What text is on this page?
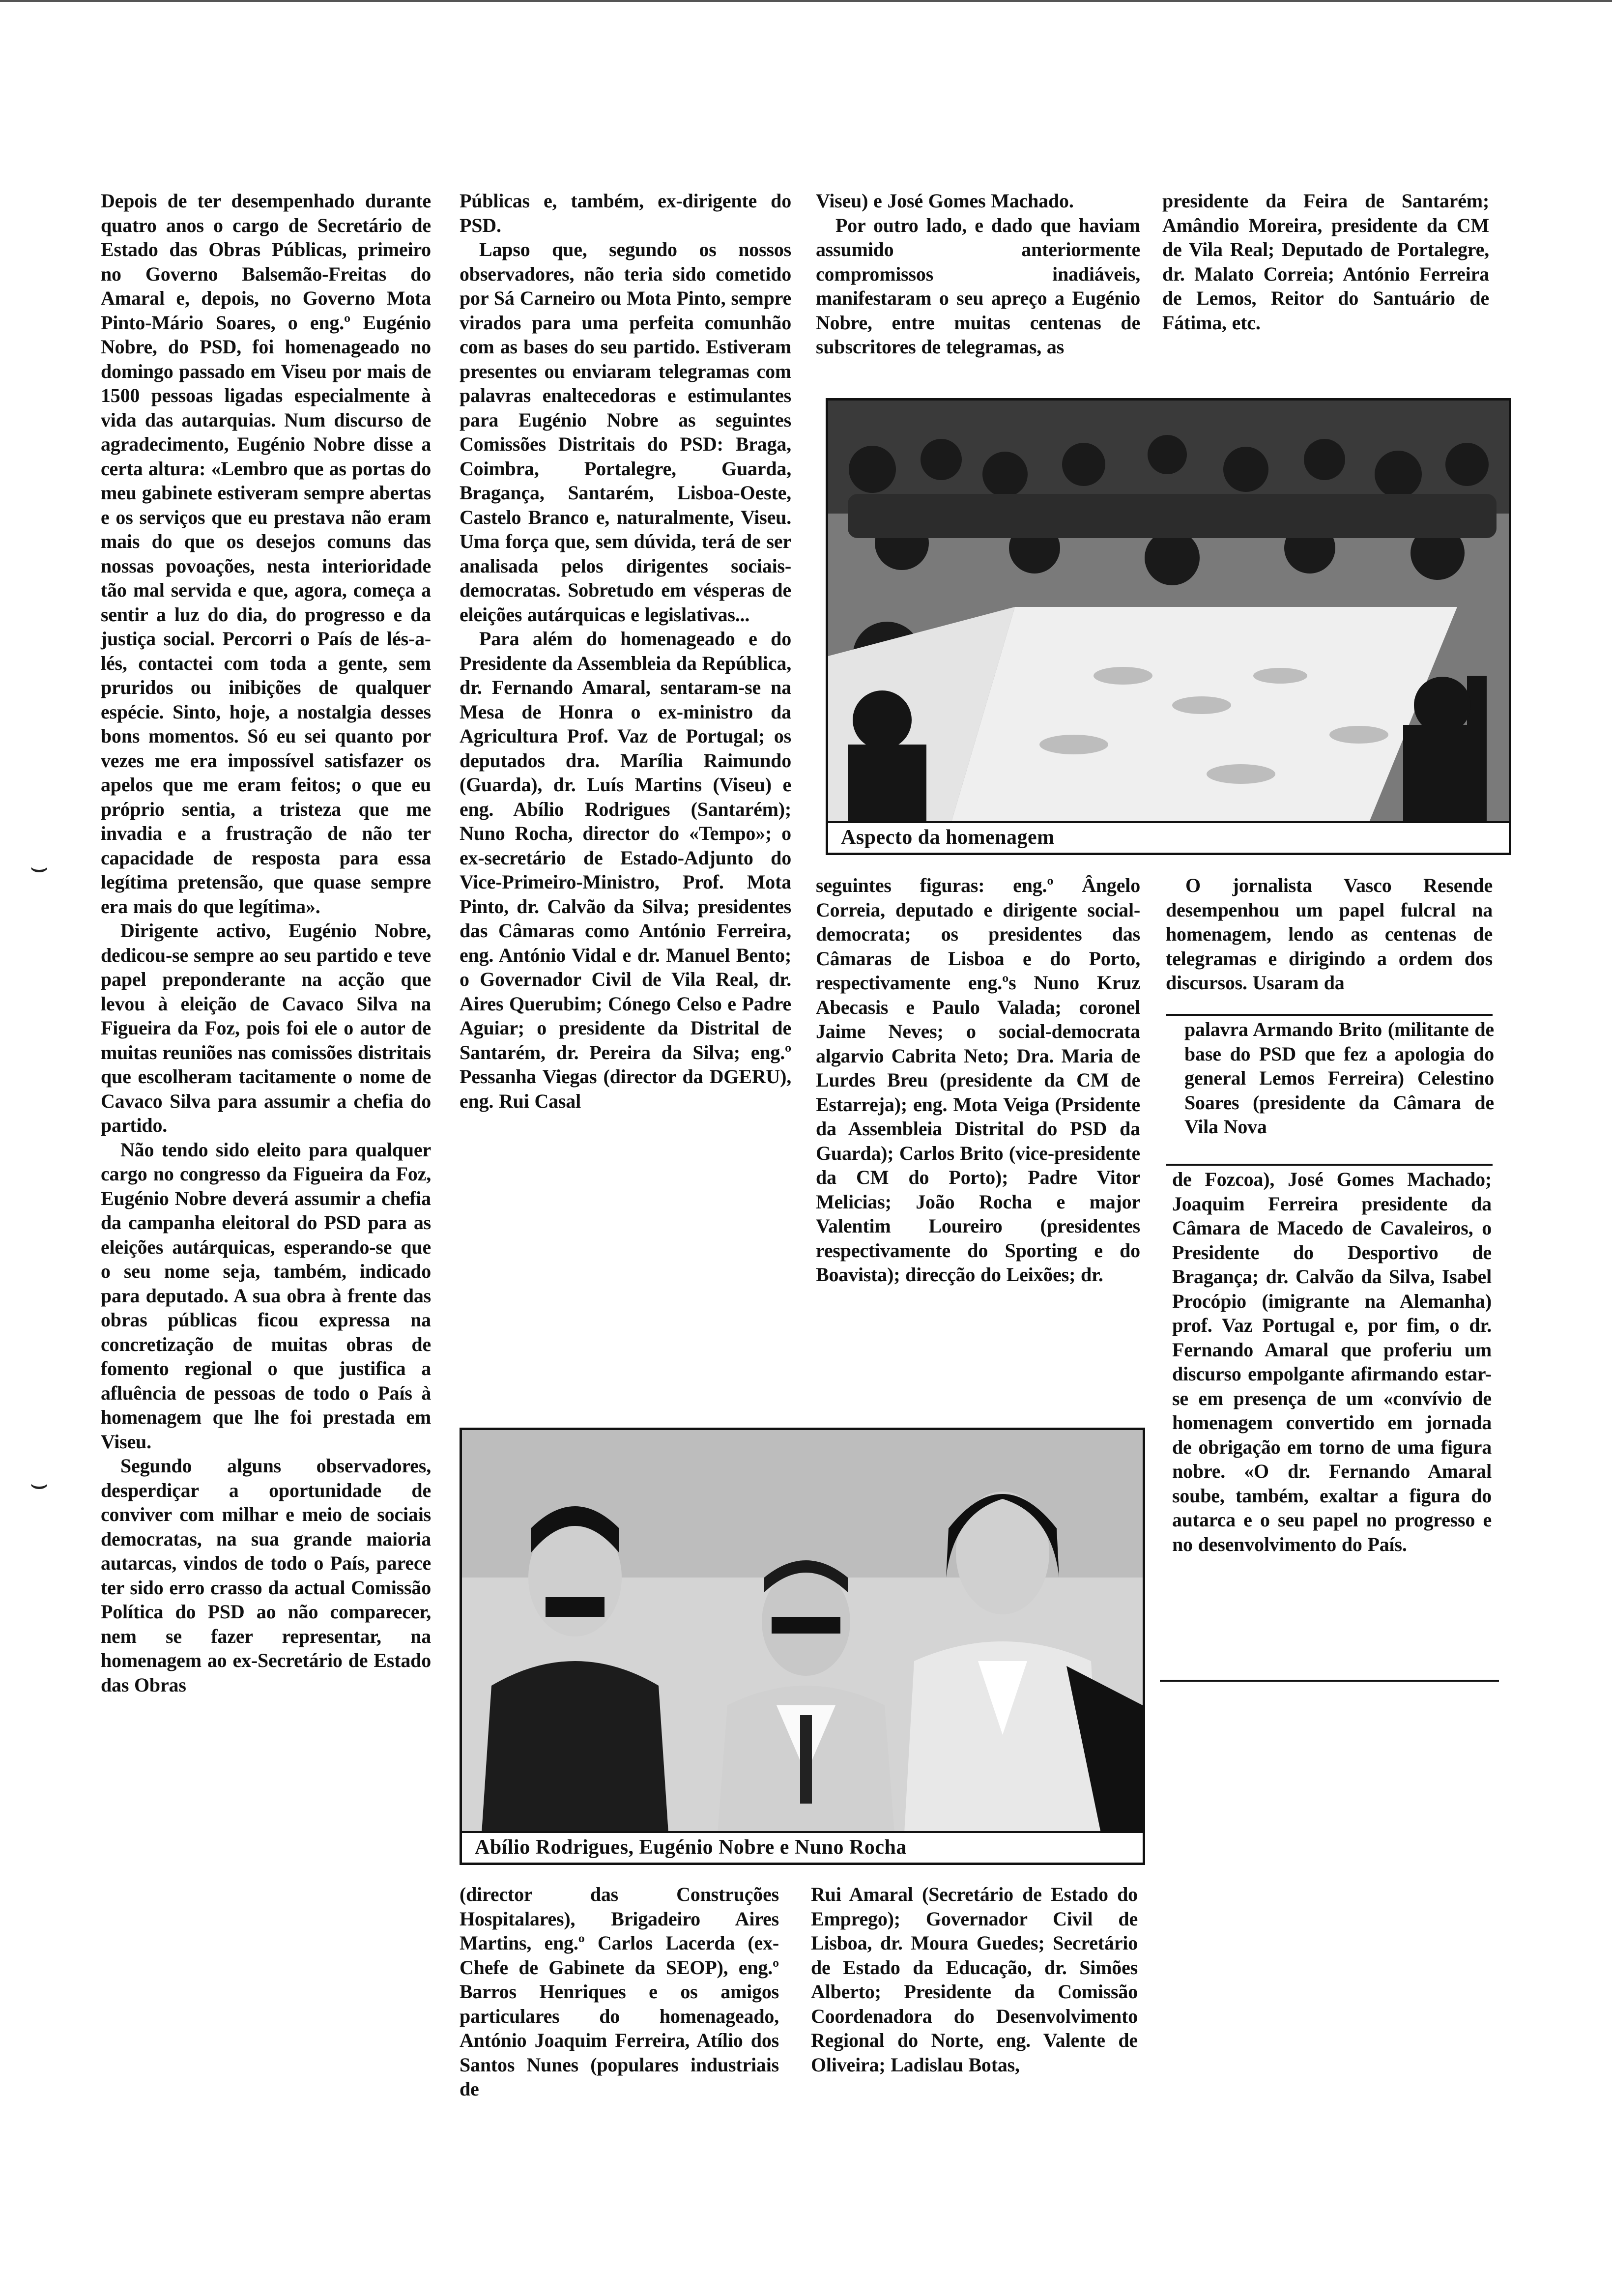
Depois de ter desempenhado durante quatro anos o cargo de Secretário de Estado das Obras Públicas, primeiro no Governo Balsemão-Freitas do Amaral e, depois, no Governo Mota Pinto-Mário Soares, o eng.º Eugénio Nobre, do PSD, foi homenageado no domingo passado em Viseu por mais de 1500 pessoas ligadas especialmente à vida das autarquias. Num discurso de agradecimento, Eugénio Nobre disse a certa altura: «Lembro que as portas do meu gabinete estiveram sempre abertas e os serviços que eu prestava não eram mais do que os desejos comuns das nossas povoações, nesta interioridade tão mal servida e que, agora, começa a sentir a luz do dia, do progresso e da justiça social. Percorri o País de lés-a-lés, contactei com toda a gente, sem pruridos ou inibições de qualquer espécie. Sinto, hoje, a nostalgia desses bons momentos. Só eu sei quanto por vezes me era impossível satisfazer os apelos que me eram feitos; o que eu próprio sentia, a tristeza que me invadia e a frustração de não ter capacidade de resposta para essa legítima pretensão, que quase sempre era mais do que legítima».

Dirigente activo, Eugénio Nobre, dedicou-se sempre ao seu partido e teve papel preponderante na acção que levou à eleição de Cavaco Silva na Figueira da Foz, pois foi ele o autor de muitas reuniões nas comissões distritais que escolheram tacitamente o nome de Cavaco Silva para assumir a chefia do partido.

Não tendo sido eleito para qualquer cargo no congresso da Figueira da Foz, Eugénio Nobre deverá assumir a chefia da campanha eleitoral do PSD para as eleições autárquicas, esperando-se que o seu nome seja, também, indicado para deputado. A sua obra à frente das obras públicas ficou expressa na concretização de muitas obras de fomento regional o que justifica a afluência de pessoas de todo o País à homenagem que lhe foi prestada em Viseu.

Segundo alguns observadores, desperdiçar a oportunidade de conviver com milhar e meio de sociais democratas, na sua grande maioria autarcas, vindos de todo o País, parece ter sido erro crasso da actual Comissão Política do PSD ao não comparecer, nem se fazer representar, na homenagem ao ex-Secretário de Estado das Obras

Públicas e, também, ex-dirigente do PSD.

Lapso que, segundo os nossos observadores, não teria sido cometido por Sá Carneiro ou Mota Pinto, sempre virados para uma perfeita comunhão com as bases do seu partido. Estiveram presentes ou enviaram telegramas com palavras enaltecedoras e estimulantes para Eugénio Nobre as seguintes Comissões Distritais do PSD: Braga, Coimbra, Portalegre, Guarda, Bragança, Santarém, Lisboa-Oeste, Castelo Branco e, naturalmente, Viseu. Uma força que, sem dúvida, terá de ser analisada pelos dirigentes sociais-democratas. Sobretudo em vésperas de eleições autárquicas e legislativas...

Para além do homenageado e do Presidente da Assembleia da República, dr. Fernando Amaral, sentaram-se na Mesa de Honra o ex-ministro da Agricultura Prof. Vaz de Portugal; os deputados dra. Marília Raimundo (Guarda), dr. Luís Martins (Viseu) e eng. Abílio Rodrigues (Santarém); Nuno Rocha, director do «Tempo»; o ex-secretário de Estado-Adjunto do Vice-Primeiro-Ministro, Prof. Mota Pinto, dr. Calvão da Silva; presidentes das Câmaras como António Ferreira, eng. António Vidal e dr. Manuel Bento; o Governador Civil de Vila Real, dr. Aires Querubim; Cónego Celso e Padre Aguiar; o presidente da Distrital de Santarém, dr. Pereira da Silva; eng.º Pessanha Viegas (director da DGERU), eng. Rui Casal

Viseu) e José Gomes Machado.

Por outro lado, e dado que haviam assumido anteriormente compromissos inadiáveis, manifestaram o seu apreço a Eugénio Nobre, entre muitas centenas de subscritores de telegramas, as

presidente da Feira de Santarém; Amândio Moreira, presidente da CM de Vila Real; Deputado de Portalegre, dr. Malato Correia; António Ferreira de Lemos, Reitor do Santuário de Fátima, etc.

Aspecto da homenagem

seguintes figuras: eng.º Ângelo Correia, deputado e dirigente social-democrata; os presidentes das Câmaras de Lisboa e do Porto, respectivamente eng.ºs Nuno Kruz Abecasis e Paulo Valada; coronel Jaime Neves; o social-democrata algarvio Cabrita Neto; Dra. Maria de Lurdes Breu (presidente da CM de Estarreja); eng. Mota Veiga (Prsidente da Assembleia Distrital do PSD da Guarda); Carlos Brito (vice-presidente da CM do Porto); Padre Vitor Melicias; João Rocha e major Valentim Loureiro (presidentes respectivamente do Sporting e do Boavista); direcção do Leixões; dr.

O jornalista Vasco Resende desempenhou um papel fulcral na homenagem, lendo as centenas de telegramas e dirigindo a ordem dos discursos. Usaram da

palavra Armando Brito (militante de base do PSD que fez a apologia do general Lemos Ferreira) Celestino Soares (presidente da Câmara de Vila Nova

de Fozcoa), José Gomes Machado; Joaquim Ferreira presidente da Câmara de Macedo de Cavaleiros, o Presidente do Desportivo de Bragança; dr. Calvão da Silva, Isabel Procópio (imigrante na Alemanha) prof. Vaz Portugal e, por fim, o dr. Fernando Amaral que proferiu um discurso empolgante afirmando estar-se em presença de um «convívio de homenagem convertido em jornada de obrigação em torno de uma figura nobre. «O dr. Fernando Amaral soube, também, exaltar a figura do autarca e o seu papel no progresso e no desenvolvimento do País.

Abílio Rodrigues, Eugénio Nobre e Nuno Rocha

(director das Construções Hospitalares), Brigadeiro Aires Martins, eng.º Carlos Lacerda (ex-Chefe de Gabinete da SEOP), eng.º Barros Henriques e os amigos particulares do homenageado, António Joaquim Ferreira, Atílio dos Santos Nunes (populares industriais de

Rui Amaral (Secretário de Estado do Emprego); Governador Civil de Lisboa, dr. Moura Guedes; Secretário de Estado da Educação, dr. Simões Alberto; Presidente da Comissão Coordenadora do Desenvolvimento Regional do Norte, eng. Valente de Oliveira; Ladislau Botas,

⌣
⌣
